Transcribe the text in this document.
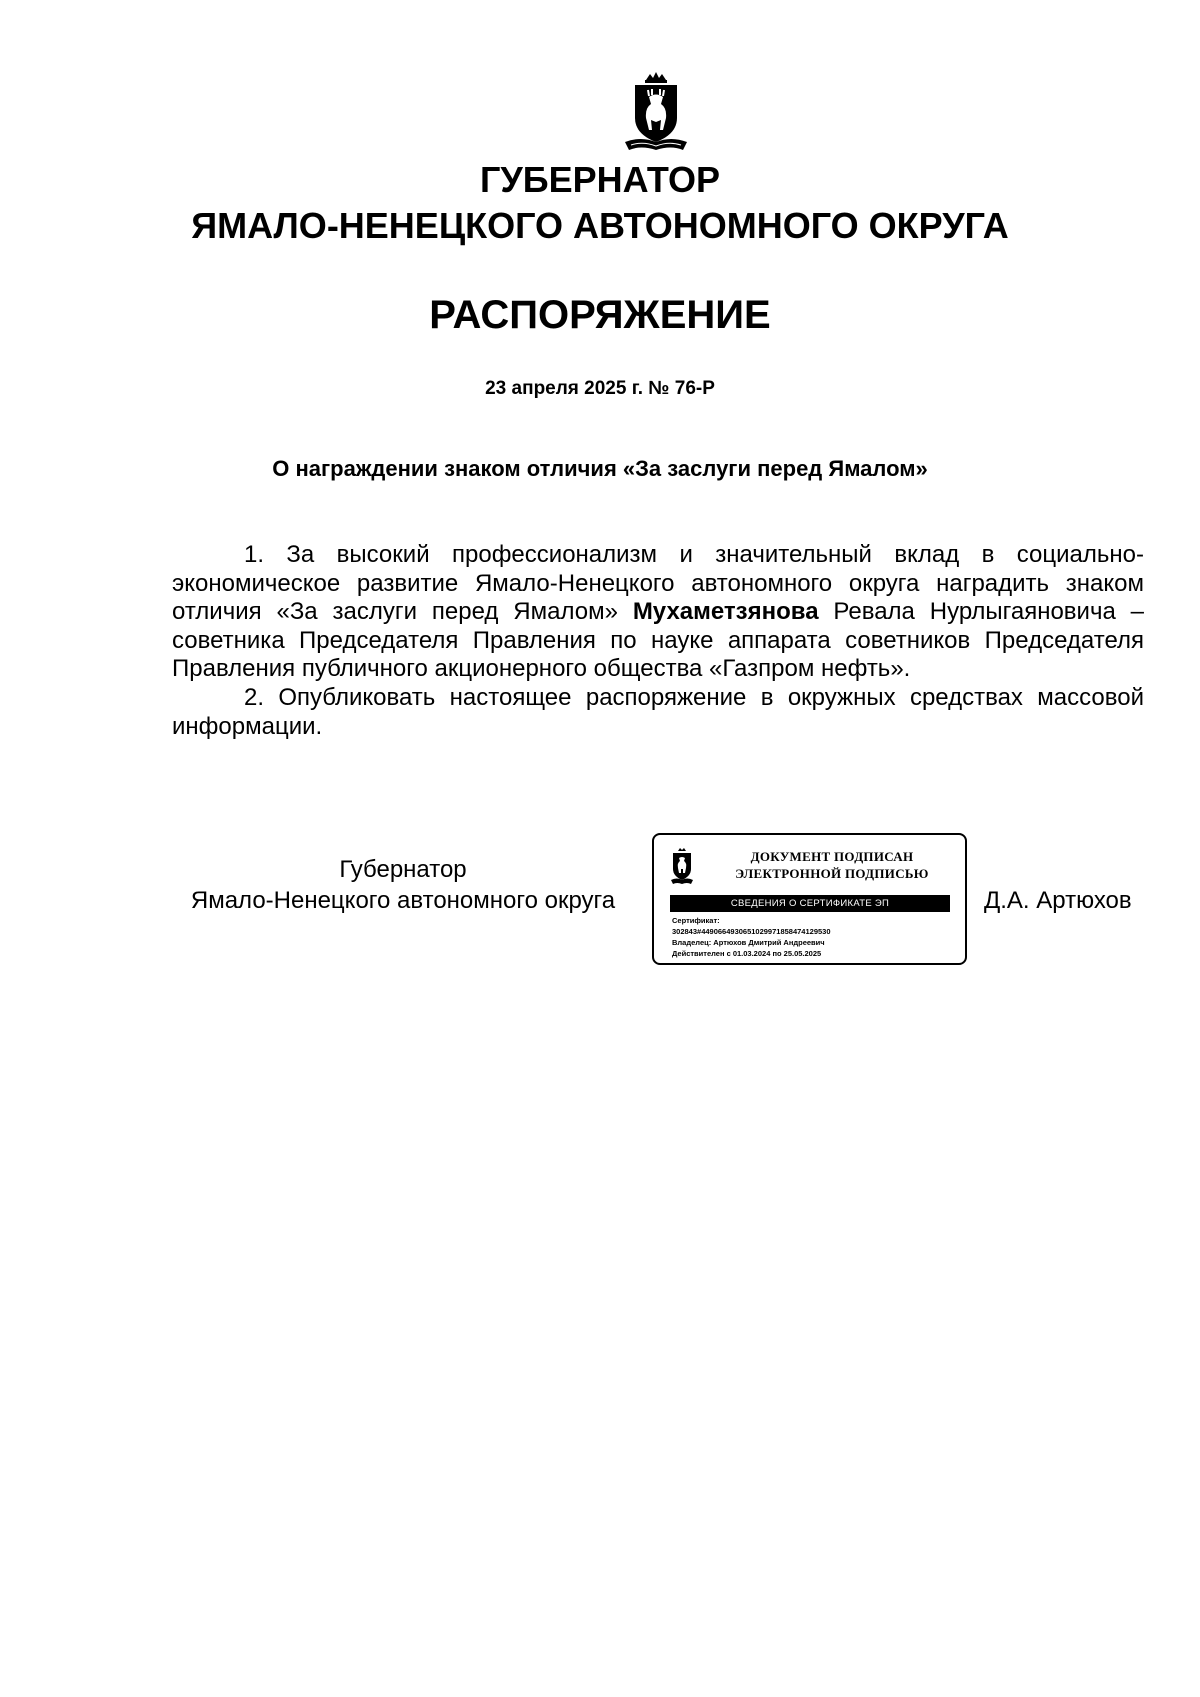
ГУБЕРНАТОР
ЯМАЛО-НЕНЕЦКОГО АВТОНОМНОГО ОКРУГА
РАСПОРЯЖЕНИЕ
23 апреля 2025 г. № 76-Р
О награждении знаком отличия «За заслуги перед Ямалом»

1. За высокий профессионализм и значительный вклад в социально-экономическое развитие Ямало-Ненецкого автономного округа наградить знаком отличия «За заслуги перед Ямалом» Мухаметзянова Ревала Нурлыгаяновича – советника Председателя Правления по науке аппарата советников Председателя Правления публичного акционерного общества «Газпром нефть».

2. Опубликовать настоящее распоряжение в окружных средствах массовой информации.

Губернатор
Ямало-Ненецкого автономного округа
ДОКУМЕНТ ПОДПИСАН
ЭЛЕКТРОННОЙ ПОДПИСЬЮ
СВЕДЕНИЯ О СЕРТИФИКАТЕ ЭП
Сертификат:
302843#4490664930651029971858474129530
Владелец: Артюхов Дмитрий Андреевич
Действителен с 01.03.2024 по 25.05.2025
Д.А. Артюхов
